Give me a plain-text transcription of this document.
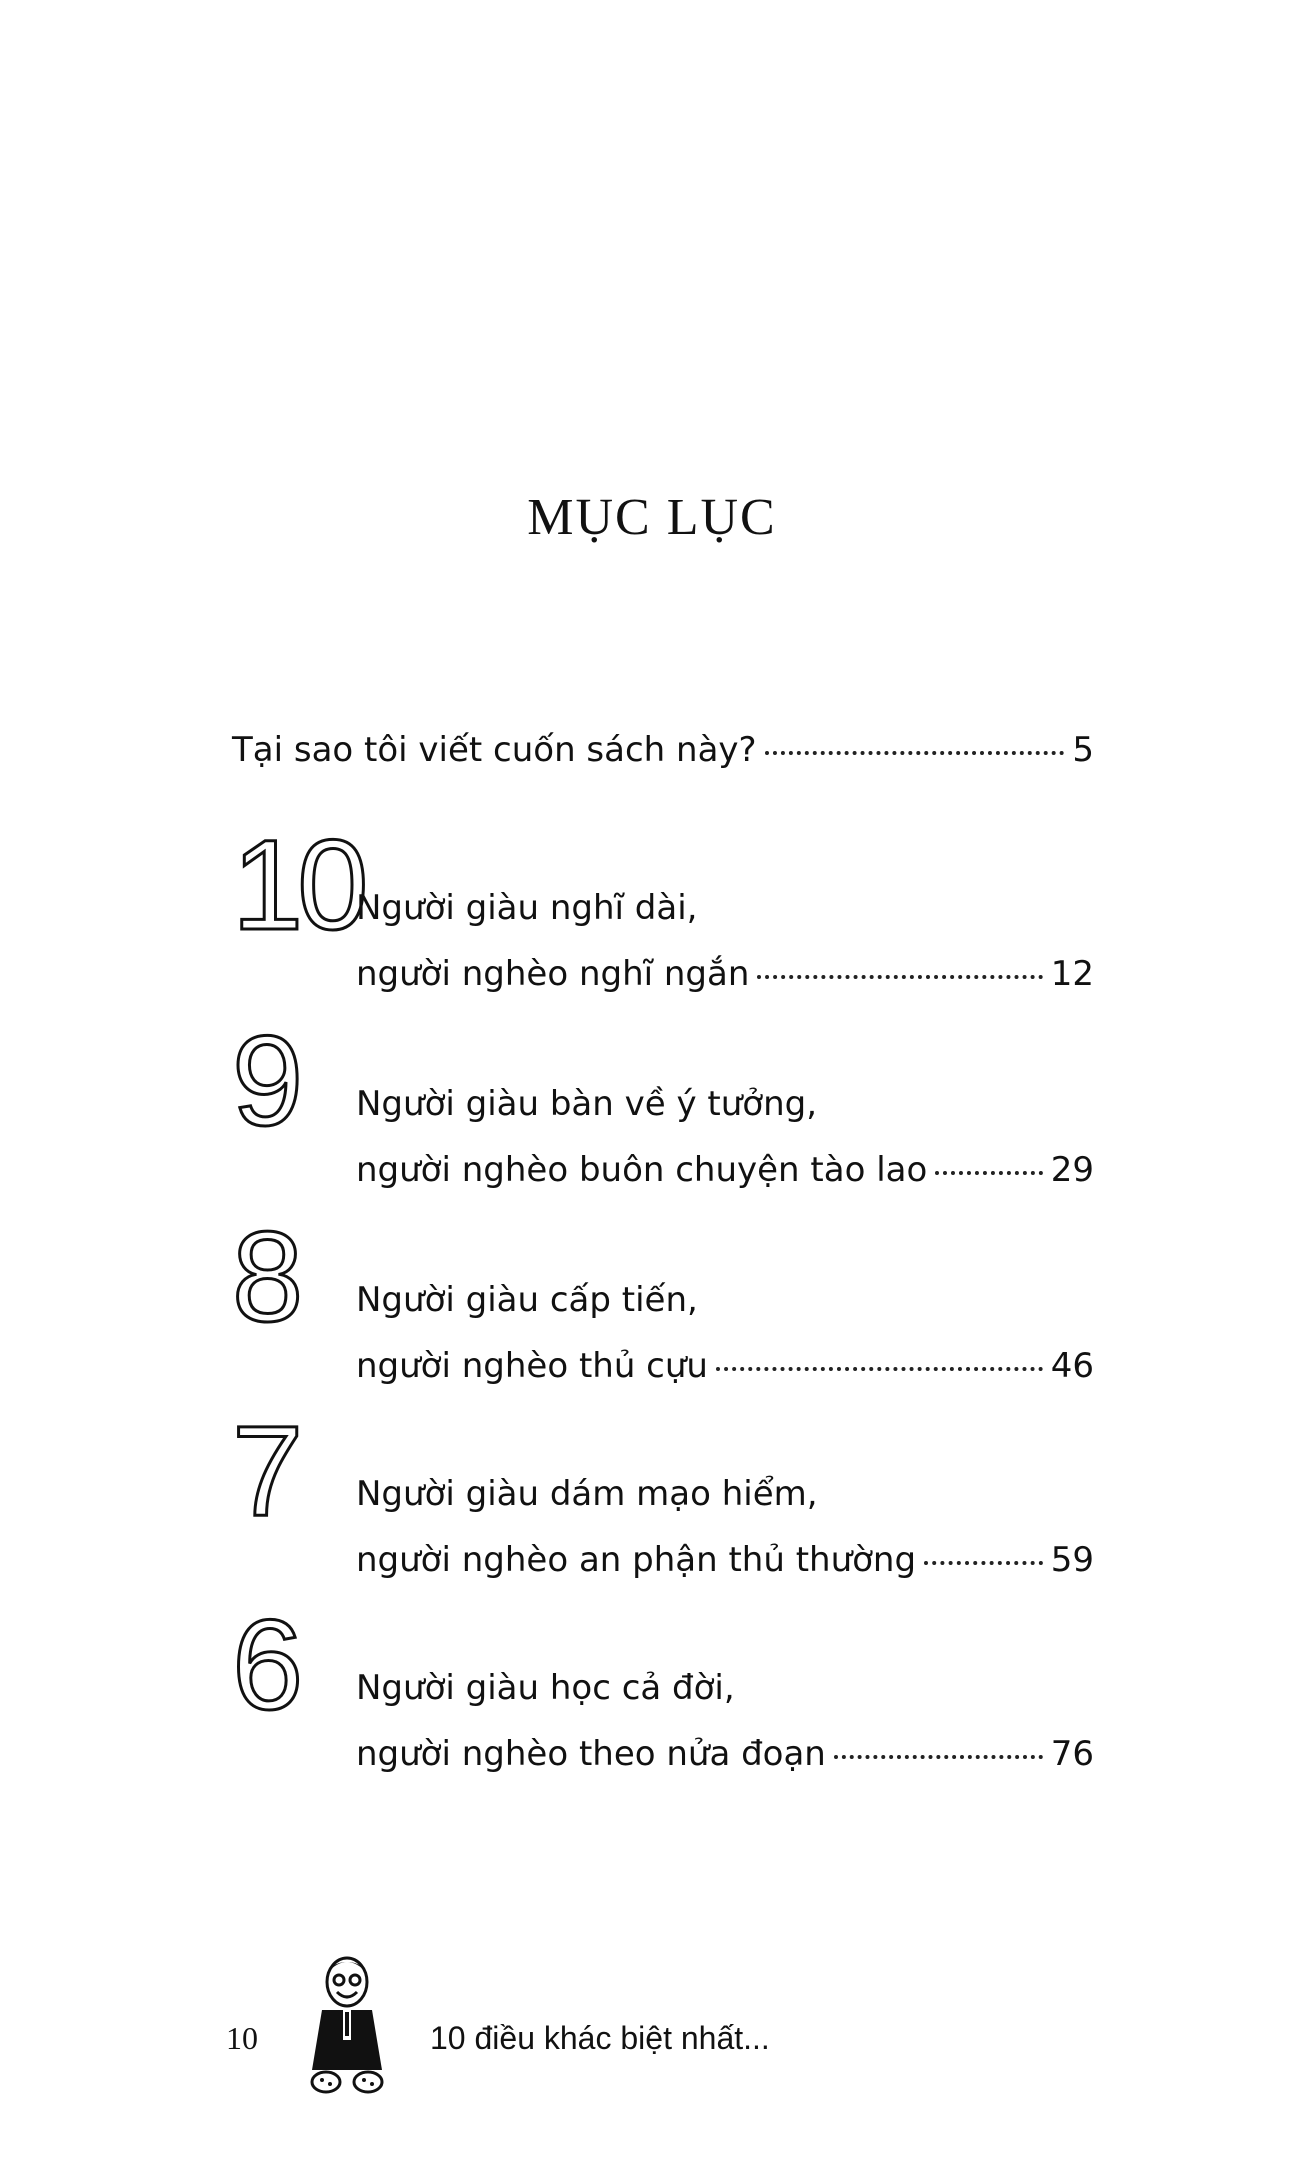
MỤC LỤC
Tại sao tôi viết cuốn sách này?	5
10
Người giàu nghĩ dài,
người nghèo nghĩ ngắn	12
9 Người giàu bàn về ý tưởng,
người nghèo buôn chuyện tào lao	29
8 Người giàu cấp tiến,
người nghèo thủ cựu	46
7 Người giàu dám mạo hiểm,
người nghèo an phận thủ thường	59
6 Người giàu học cả đời,
người nghèo theo nửa đoạn	76
10	10 điều khác biệt nhất...
